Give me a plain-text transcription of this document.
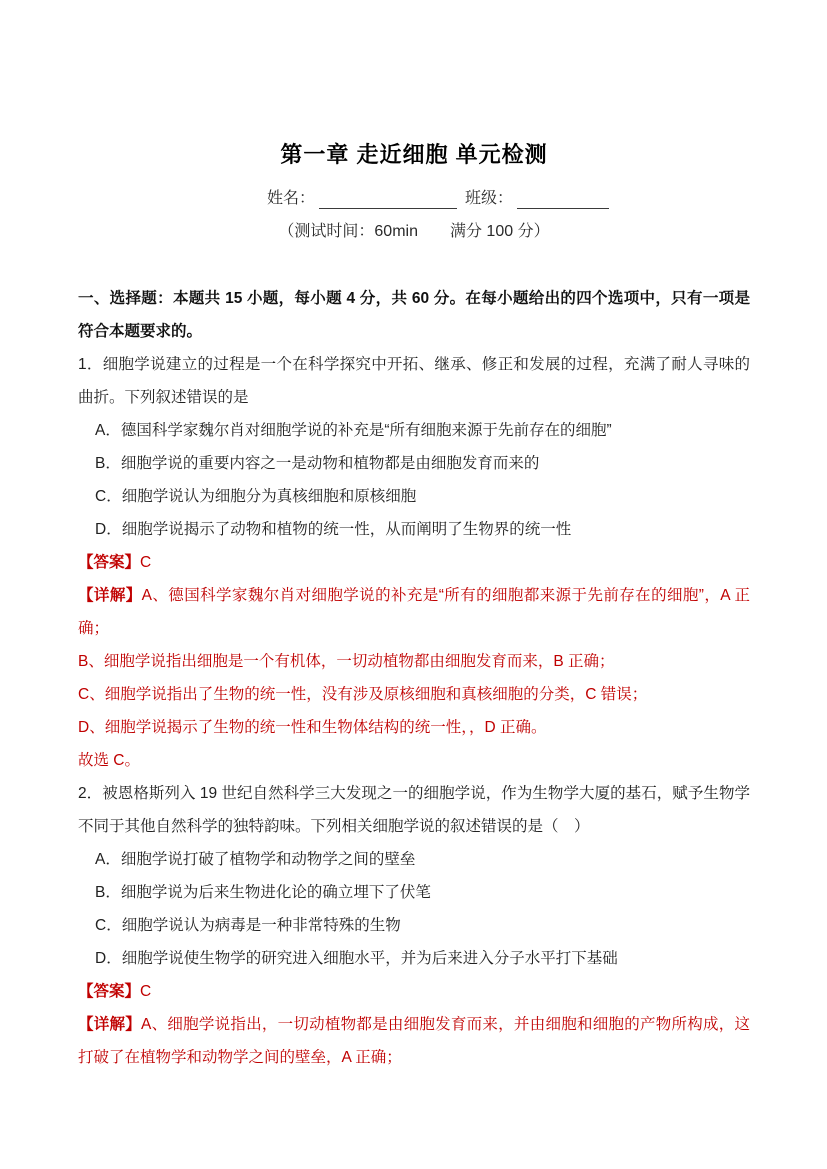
第一章 走近细胞 单元检测
姓名：	班级：
（测试时间：60min　　满分 100 分）

一、选择题：本题共 15 小题，每小题 4 分，共 60 分。在每小题给出的四个选项中，只有一项是符合本题要求的。

1．细胞学说建立的过程是一个在科学探究中开拓、继承、修正和发展的过程，充满了耐人寻味的曲折。下列叙述错误的是

A．德国科学家魏尔肖对细胞学说的补充是“所有细胞来源于先前存在的细胞”

B．细胞学说的重要内容之一是动物和植物都是由细胞发育而来的

C．细胞学说认为细胞分为真核细胞和原核细胞

D．细胞学说揭示了动物和植物的统一性，从而阐明了生物界的统一性

【答案】C

【详解】A、德国科学家魏尔肖对细胞学说的补充是“所有的细胞都来源于先前存在的细胞”，A 正确；

B、细胞学说指出细胞是一个有机体，一切动植物都由细胞发育而来，B 正确；

C、细胞学说指出了生物的统一性，没有涉及原核细胞和真核细胞的分类，C 错误；

D、细胞学说揭示了生物的统一性和生物体结构的统一性，，D 正确。

故选 C。

2．被恩格斯列入 19 世纪自然科学三大发现之一的细胞学说，作为生物学大厦的基石，赋予生物学不同于其他自然科学的独特韵味。下列相关细胞学说的叙述错误的是（　）

A．细胞学说打破了植物学和动物学之间的壁垒

B．细胞学说为后来生物进化论的确立埋下了伏笔

C．细胞学说认为病毒是一种非常特殊的生物

D．细胞学说使生物学的研究进入细胞水平，并为后来进入分子水平打下基础

【答案】C

【详解】A、细胞学说指出，一切动植物都是由细胞发育而来，并由细胞和细胞的产物所构成，这打破了在植物学和动物学之间的壁垒，A 正确；
